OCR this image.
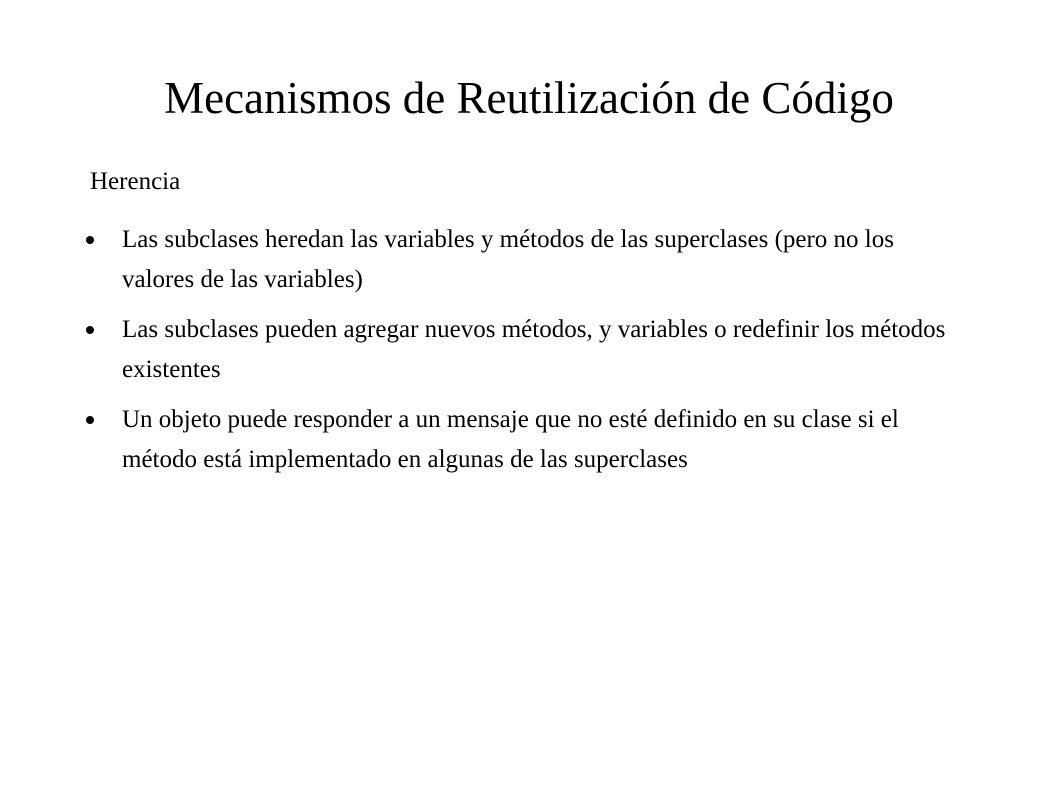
Mecanismos de Reutilización de Código
Herencia
Las subclases heredan las variables y métodos de las superclases (pero no los valores de las variables)
Las subclases pueden agregar nuevos métodos, y variables o redefinir los métodos existentes
Un objeto puede responder a un mensaje que no esté definido en su clase si el método está implementado en algunas de las superclases
